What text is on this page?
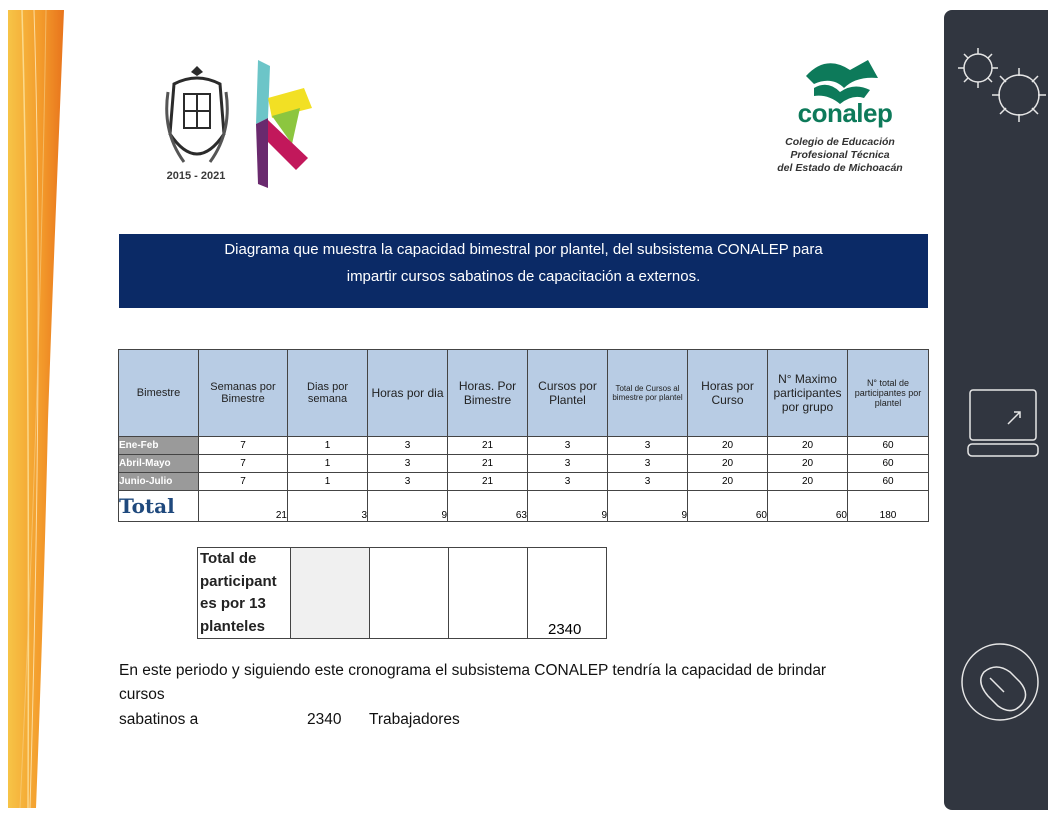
2015 - 2021
conalep
Colegio de Educación
Profesional Técnica
del Estado de Michoacán
Diagrama que muestra la capacidad bimestral por plantel, del subsistema CONALEP para
impartir cursos sabatinos de capacitación a externos.
Bimestre	Semanas por Bimestre	Dias por semana	Horas por dia	Horas. Por Bimestre	Cursos por Plantel	Total de Cursos al bimestre por plantel	Horas por Curso	N° Maximo participantes por grupo	N° total de participantes por plantel
Ene-Feb	7	1	3	21	3	3	20	20	60
Abril-Mayo	7	1	3	21	3	3	20	20	60
Junio-Julio	7	1	3	21	3	3	20	20	60
Total	21	3	9	63	9	9	60	60	180
Total de participant es por 13 planteles				2340
En este periodo y siguiendo este cronograma el subsistema CONALEP tendría la capacidad de brindar cursos
sabatinos a	2340 Trabajadores
